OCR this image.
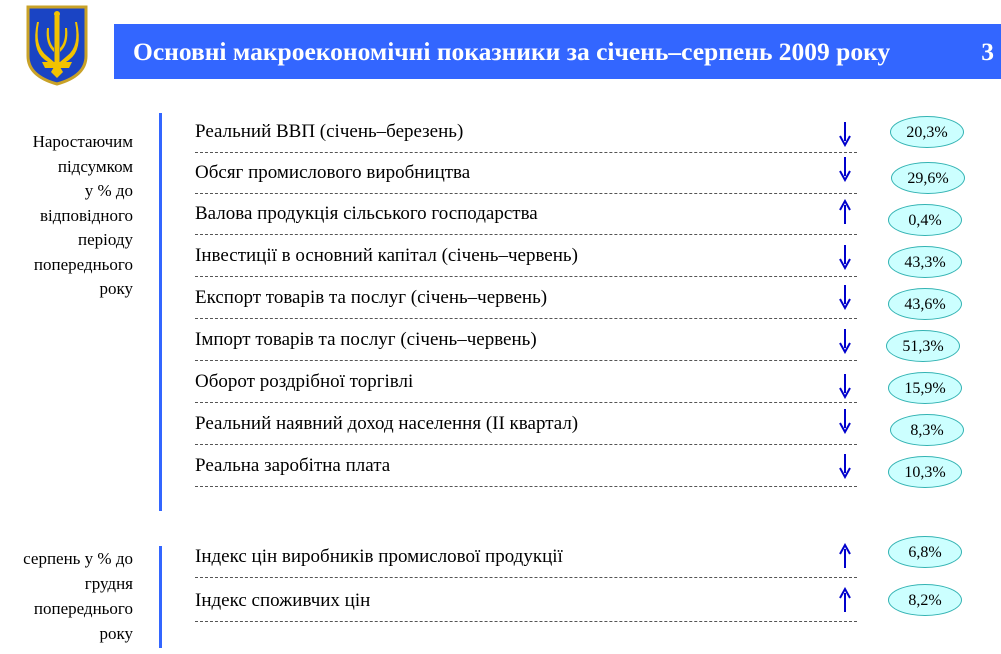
Основні макроекономічні показники за січень–серпень 2009 року	3
Наростаючим
підсумком
у % до
відповідного
періоду
попереднього
року
Реальний ВВП (січень–березень)
Обсяг промислового виробництва
Валова продукція сільського господарства
Інвестиції в основний капітал (січень–червень)
Експорт товарів та послуг (січень–червень)
Імпорт товарів та послуг (січень–червень)
Оборот роздрібної торгівлі
Реальний наявний доход населення (ІІ квартал)
Реальна заробітна плата
20,3%
29,6%
0,4%
43,3%
43,6%
51,3%
15,9%
8,3%
10,3%
серпень у % до
грудня
попереднього
року
Індекс цін виробників промислової продукції
Індекс споживчих цін
6,8%
8,2%
